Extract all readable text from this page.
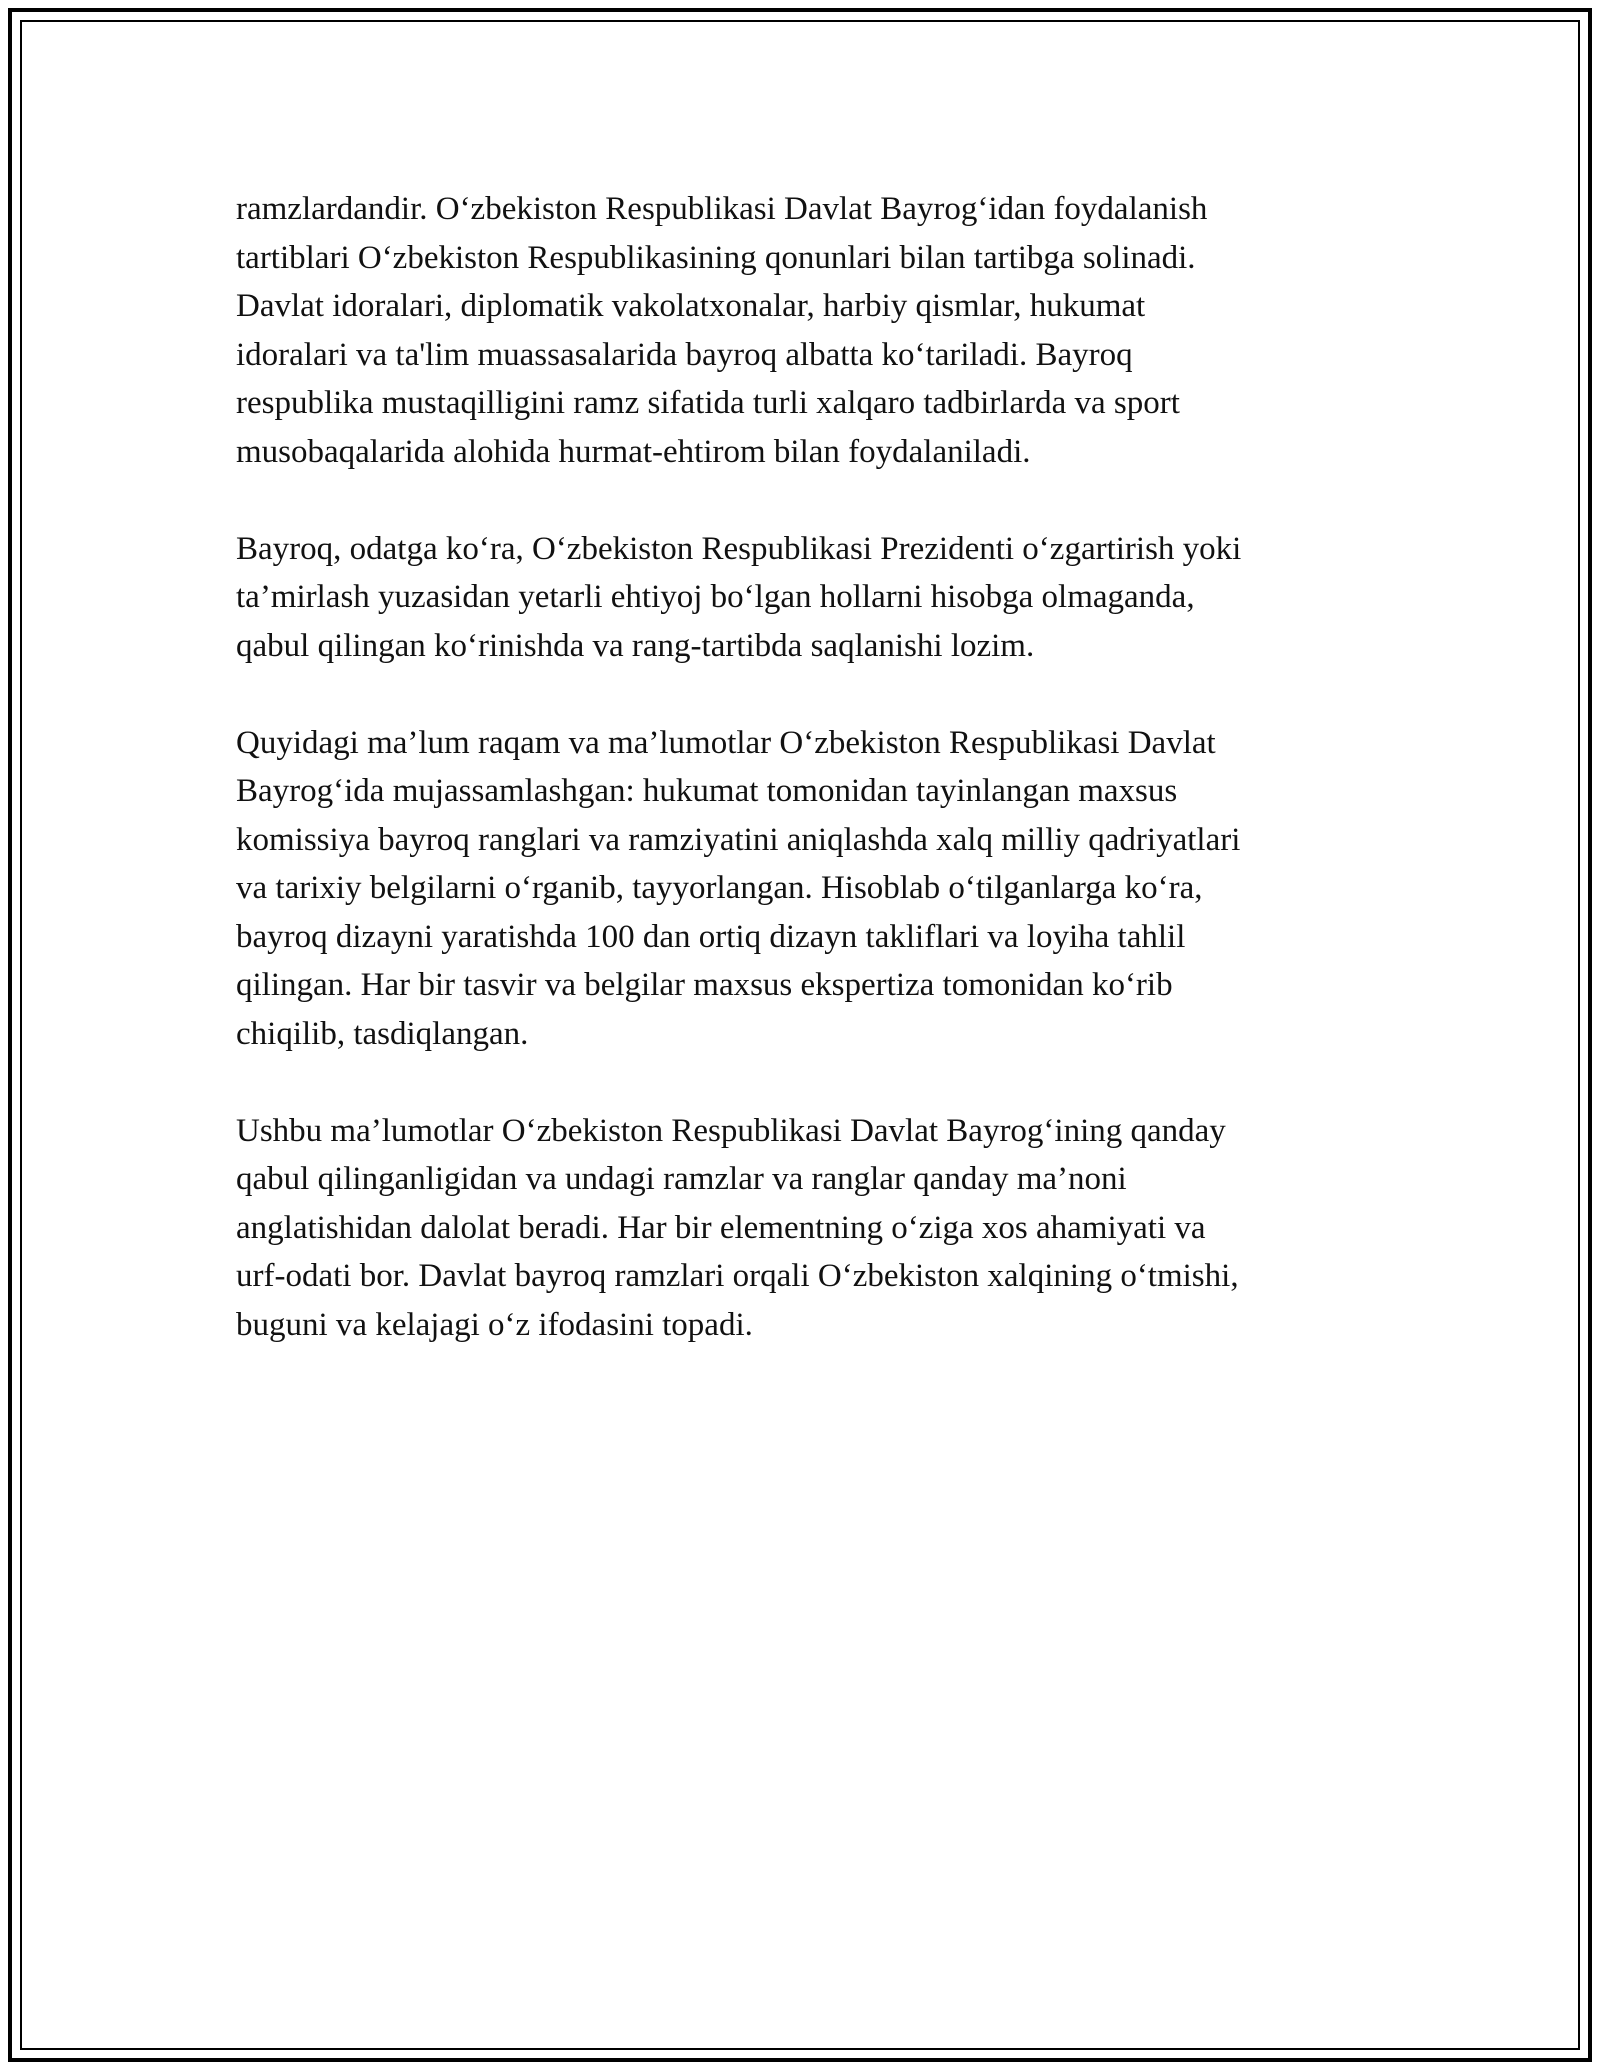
ramzlardandir. O‘zbekiston Respublikasi Davlat Bayrog‘idan foydalanish
tartiblari O‘zbekiston Respublikasining qonunlari bilan tartibga solinadi.
Davlat idoralari, diplomatik vakolatxonalar, harbiy qismlar, hukumat
idoralari va ta'lim muassasalarida bayroq albatta ko‘tariladi. Bayroq
respublika mustaqilligini ramz sifatida turli xalqaro tadbirlarda va sport
musobaqalarida alohida hurmat-ehtirom bilan foydalaniladi.

Bayroq, odatga ko‘ra, O‘zbekiston Respublikasi Prezidenti o‘zgartirish yoki
ta’mirlash yuzasidan yetarli ehtiyoj bo‘lgan hollarni hisobga olmaganda,
qabul qilingan ko‘rinishda va rang-tartibda saqlanishi lozim.

Quyidagi ma’lum raqam va ma’lumotlar O‘zbekiston Respublikasi Davlat
Bayrog‘ida mujassamlashgan: hukumat tomonidan tayinlangan maxsus
komissiya bayroq ranglari va ramziyatini aniqlashda xalq milliy qadriyatlari
va tarixiy belgilarni o‘rganib, tayyorlangan. Hisoblab o‘tilganlarga ko‘ra,
bayroq dizayni yaratishda 100 dan ortiq dizayn takliflari va loyiha tahlil
qilingan. Har bir tasvir va belgilar maxsus ekspertiza tomonidan ko‘rib
chiqilib, tasdiqlangan.

Ushbu ma’lumotlar O‘zbekiston Respublikasi Davlat Bayrog‘ining qanday
qabul qilinganligidan va undagi ramzlar va ranglar qanday ma’noni
anglatishidan dalolat beradi. Har bir elementning o‘ziga xos ahamiyati va
urf-odati bor. Davlat bayroq ramzlari orqali O‘zbekiston xalqining o‘tmishi,
buguni va kelajagi o‘z ifodasini topadi.
